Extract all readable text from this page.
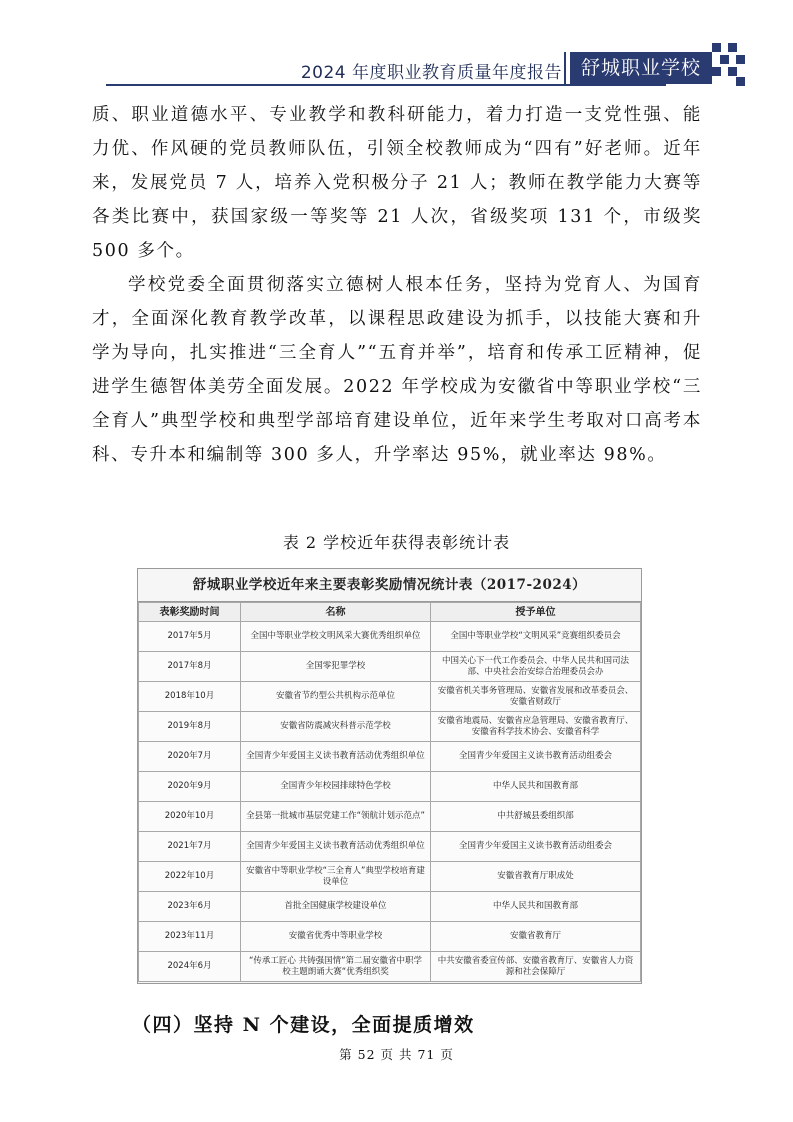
2024 年度职业教育质量年度报告 舒城职业学校

质、职业道德水平、专业教学和教科研能力，着力打造一支党性强、能力优、作风硬的党员教师队伍，引领全校教师成为“四有”好老师。近年来，发展党员 7 人，培养入党积极分子 21 人；教师在教学能力大赛等各类比赛中，获国家级一等奖等 21 人次，省级奖项 131 个，市级奖 500 多个。

学校党委全面贯彻落实立德树人根本任务，坚持为党育人、为国育才，全面深化教育教学改革，以课程思政建设为抓手，以技能大赛和升学为导向，扎实推进“三全育人”“五育并举”，培育和传承工匠精神，促进学生德智体美劳全面发展。2022 年学校成为安徽省中等职业学校“三全育人”典型学校和典型学部培育建设单位，近年来学生考取对口高考本科、专升本和编制等 300 多人，升学率达 95%，就业率达 98%。

表 2 学校近年获得表彰统计表
舒城职业学校近年来主要表彰奖励情况统计表（2017-2024）
表彰奖励时间	名称	授予单位
2017年5月	全国中等职业学校文明风采大赛优秀组织单位	全国中等职业学校“文明风采”竞赛组织委员会
2017年8月	全国零犯罪学校	中国关心下一代工作委员会、中华人民共和国司法部、中央社会治安综合治理委员会办
2018年10月	安徽省节约型公共机构示范单位	安徽省机关事务管理局、安徽省发展和改革委员会、安徽省财政厅
2019年8月	安徽省防震减灾科普示范学校	安徽省地震局、安徽省应急管理局、安徽省教育厅、安徽省科学技术协会、安徽省科学
2020年7月	全国青少年爱国主义读书教育活动优秀组织单位	全国青少年爱国主义读书教育活动组委会
2020年9月	全国青少年校园排球特色学校	中华人民共和国教育部
2020年10月	全县第一批城市基层党建工作“领航计划示范点”	中共舒城县委组织部
2021年7月	全国青少年爱国主义读书教育活动优秀组织单位	全国青少年爱国主义读书教育活动组委会
2022年10月	安徽省中等职业学校“三全育人”典型学校培育建设单位	安徽省教育厅职成处
2023年6月	首批全国健康学校建设单位	中华人民共和国教育部
2023年11月	安徽省优秀中等职业学校	安徽省教育厅
2024年6月	“传承工匠心 共铸强国情”第二届安徽省中职学校主题朗诵大赛“优秀组织奖	中共安徽省委宣传部、安徽省教育厅、安徽省人力资源和社会保障厅
（四）坚持 N 个建设，全面提质增效
第 52 页 共 71 页
